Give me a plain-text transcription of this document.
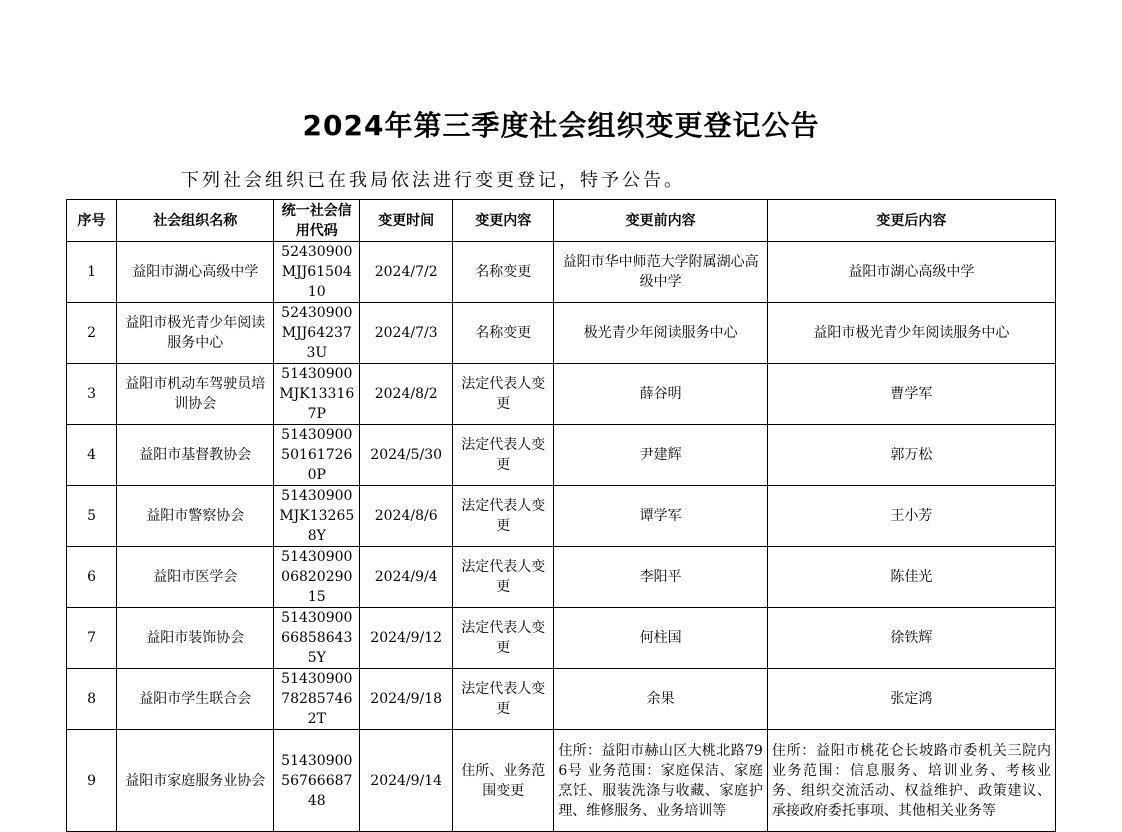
2024年第三季度社会组织变更登记公告
下列社会组织已在我局依法进行变更登记，特予公告。
序号	社会组织名称	统一社会信用代码	变更时间	变更内容	变更前内容	变更后内容
1	益阳市湖心高级中学	52430900MJJ6150410	2024/7/2	名称变更	益阳市华中师范大学附属湖心高级中学	益阳市湖心高级中学
2	益阳市极光青少年阅读服务中心	52430900MJJ642373U	2024/7/3	名称变更	极光青少年阅读服务中心	益阳市极光青少年阅读服务中心
3	益阳市机动车驾驶员培训协会	51430900MJK133167P	2024/8/2	法定代表人变更	薛谷明	曹学军
4	益阳市基督教协会	51430900501617260P	2024/5/30	法定代表人变更	尹建辉	郭万松
5	益阳市警察协会	51430900MJK132658Y	2024/8/6	法定代表人变更	谭学军	王小芳
6	益阳市医学会	514309000682029015	2024/9/4	法定代表人变更	李阳平	陈佳光
7	益阳市装饰协会	51430900668586435Y	2024/9/12	法定代表人变更	何柱国	徐铁辉
8	益阳市学生联合会	51430900782857462T	2024/9/18	法定代表人变更	余果	张定鸿
9	益阳市家庭服务业协会	514309005676668748	2024/9/14	住所、业务范围变更	住所：益阳市赫山区大桃北路796号 业务范围：家庭保洁、家庭烹饪、服装洗涤与收藏、家庭护理、维修服务、业务培训等	住所：益阳市桃花仑长坡路市委机关三院内 业务范围：信息服务、培训业务、考核业务、组织交流活动、权益维护、政策建议、承接政府委托事项、其他相关业务等
